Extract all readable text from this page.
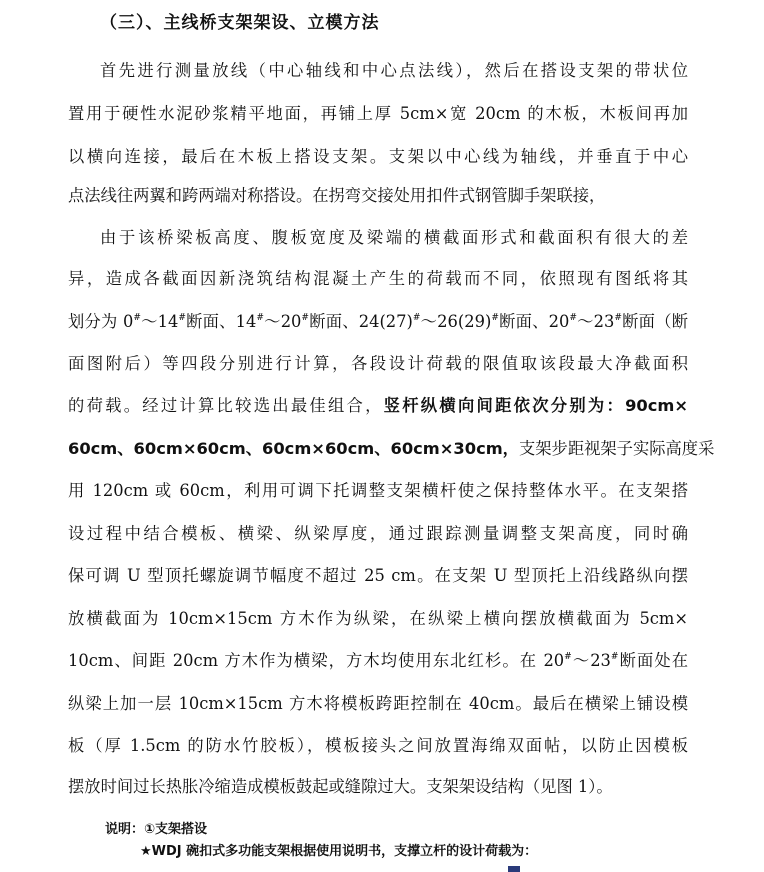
（三）、主线桥支架架设、立模方法
首先进行测量放线（中心轴线和中心点法线），然后在搭设支架的带状位
置用于硬性水泥砂浆精平地面，再铺上厚 5cm×宽 20cm 的木板，木板间再加
以横向连接，最后在木板上搭设支架。支架以中心线为轴线，并垂直于中心
点法线往两翼和跨两端对称搭设。在拐弯交接处用扣件式钢管脚手架联接，
由于该桥梁板高度、腹板宽度及梁端的横截面形式和截面积有很大的差
异，造成各截面因新浇筑结构混凝土产生的荷载而不同，依照现有图纸将其
划分为 0#～14#断面、14#～20#断面、24(27)#～26(29)#断面、20#～23#断面（断
面图附后）等四段分别进行计算，各段设计荷载的限值取该段最大净截面积
的荷载。经过计算比较选出最佳组合，竖杆纵横向间距依次分别为：90cm×
60cm、60cm×60cm、60cm×60cm、60cm×30cm，支架步距视架子实际高度采
用 120cm 或 60cm，利用可调下托调整支架横杆使之保持整体水平。在支架搭
设过程中结合模板、横梁、纵梁厚度，通过跟踪测量调整支架高度，同时确
保可调 U 型顶托螺旋调节幅度不超过 25 cm。在支架 U 型顶托上沿线路纵向摆
放横截面为 10cm×15cm 方木作为纵梁，在纵梁上横向摆放横截面为 5cm×
10cm、间距 20cm 方木作为横梁，方木均使用东北红杉。在 20#～23#断面处在
纵梁上加一层 10cm×15cm 方木将模板跨距控制在 40cm。最后在横梁上铺设模
板（厚 1.5cm 的防水竹胶板），模板接头之间放置海绵双面帖，以防止因模板
摆放时间过长热胀冷缩造成模板鼓起或缝隙过大。支架架设结构（见图 1）。
说明：①支架搭设
★WDJ 碗扣式多功能支架根据使用说明书，支撑立杆的设计荷载为：
